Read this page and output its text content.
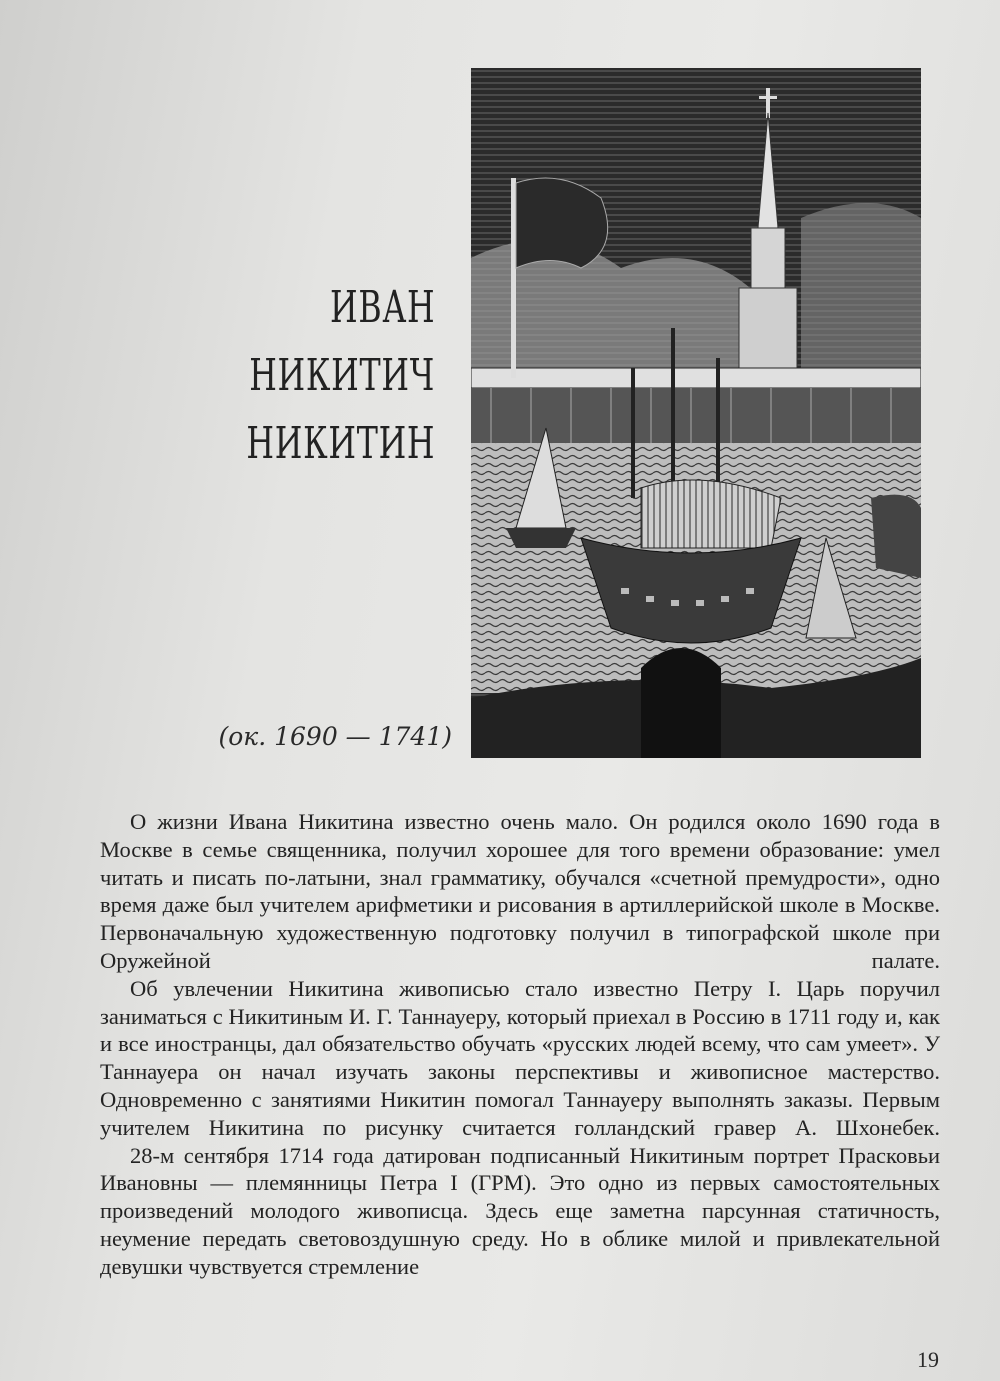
ИВАН
НИКИТИЧ
НИКИТИН
(ок. 1690 — 1741)

О жизни Ивана Никитина известно очень мало. Он родился около 1690 года в Москве в семье священника, получил хорошее для того времени образование: умел читать и писать по-латыни, знал грамматику, обучался «счетной премудрости», одно время даже был учителем арифметики и рисования в артиллерийской школе в Москве. Первоначальную художественную подготовку получил в типографской школе при Оружейной палате.

Об увлечении Никитина живописью стало известно Петру I. Царь поручил заниматься с Никитиным И. Г. Таннауеру, который приехал в Россию в 1711 году и, как и все иностранцы, дал обязательство обучать «русских людей всему, что сам умеет». У Таннауера он начал изучать законы перспективы и живописное мастерство. Одновременно с занятиями Никитин помогал Таннауеру выполнять заказы. Первым учителем Никитина по рисунку считается голландский гравер А. Шхонебек.

28-м сентября 1714 года датирован подписанный Никитиным портрет Прасковьи Ивановны — племянницы Петра I (ГРМ). Это одно из первых самостоятельных произведений молодого живописца. Здесь еще заметна парсунная статичность, неумение передать световоздушную среду. Но в облике милой и привлекательной девушки чувствуется стремление

19
